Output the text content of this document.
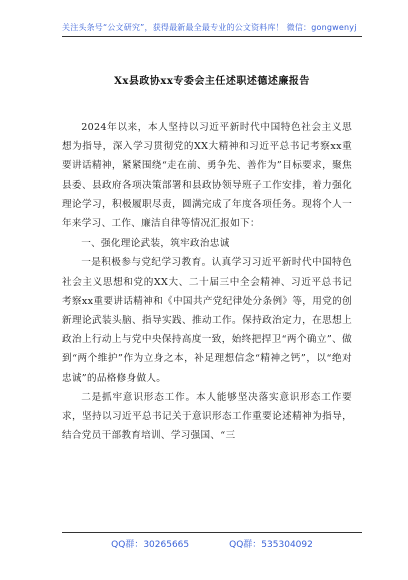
关注头条号“公文研究”，获得最新最全最专业的公文资料库！ 微信：gongwenyj
Xx县政协xx专委会主任述职述德述廉报告

2024年以来，本人坚持以习近平新时代中国特色社会主义思想为指导，深入学习贯彻党的XX大精神和习近平总书记考察xx重要讲话精神，紧紧围绕“走在前、勇争先、善作为”目标要求，聚焦县委、县政府各项决策部署和县政协领导班子工作安排，着力强化理论学习，积极履职尽责，圆满完成了年度各项任务。现将个人一年来学习、工作、廉洁自律等情况汇报如下：

一、强化理论武装，筑牢政治忠诚

一是积极参与党纪学习教育。认真学习习近平新时代中国特色社会主义思想和党的XX大、二十届三中全会精神、习近平总书记考察xx重要讲话精神和《中国共产党纪律处分条例》等，用党的创新理论武装头脑、指导实践、推动工作。保持政治定力，在思想上政治上行动上与党中央保持高度一致，始终把捍卫“两个确立”、做到“两个维护”作为立身之本，补足理想信念“精神之钙”，以“绝对忠诚”的品格修身做人。

二是抓牢意识形态工作。本人能够坚决落实意识形态工作要求，坚持以习近平总书记关于意识形态工作重要论述精神为指导，结合党员干部教育培训、学习强国、“三

QQ群：30265665	QQ群：535304092
